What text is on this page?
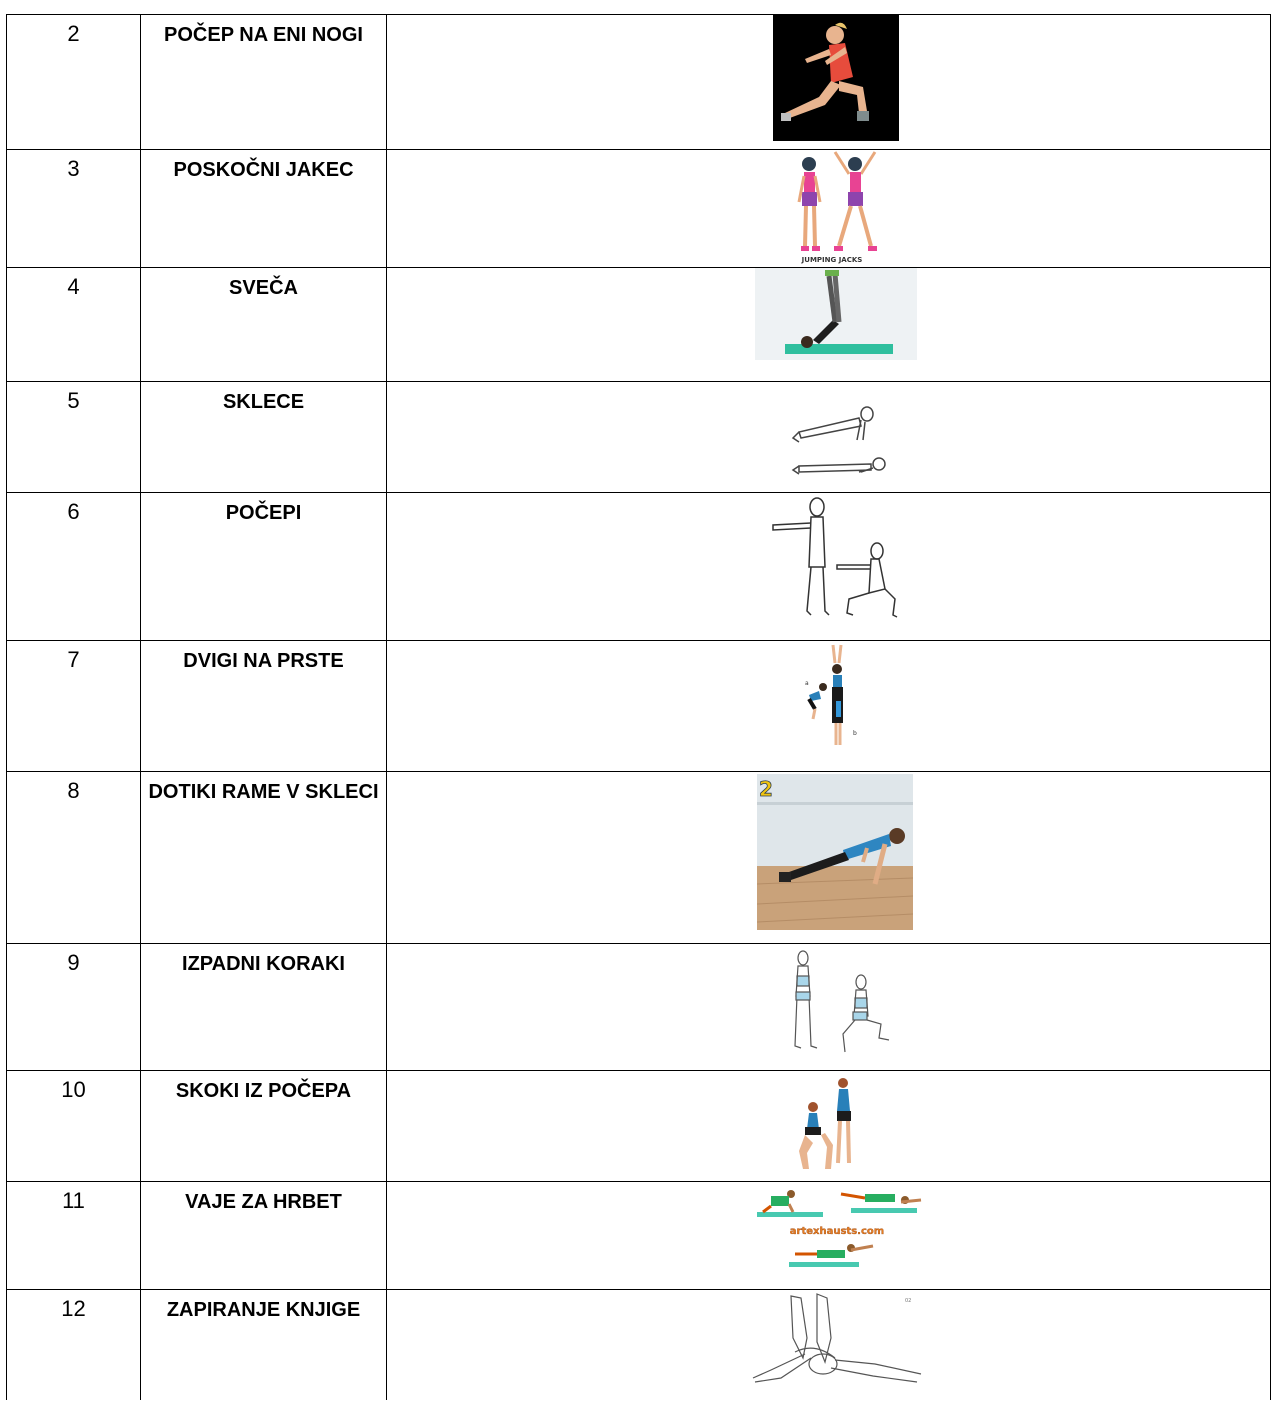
2	POČEP NA ENI NOGI	

3	POSKOČNI JAKEC	JUMPING JACKS

4	SVEČA	

5	SKLECE	

6	POČEPI	

7	DVIGI NA PRSTE	a
b

8	DOTIKI RAME V SKLECI	2

9	IZPADNI KORAKI	

10	SKOKI IZ POČEPA	

11	VAJE ZA HRBET	artexhausts.com

12	ZAPIRANJE KNJIGE	02
